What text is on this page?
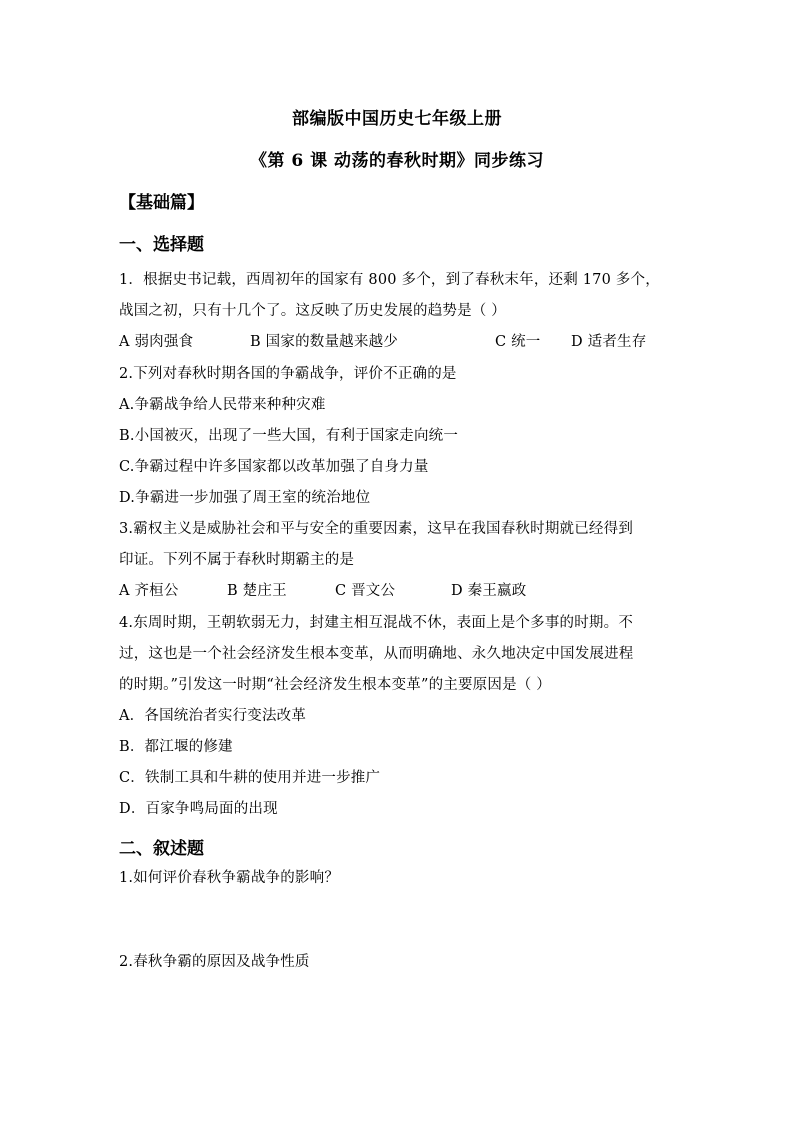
部编版中国历史七年级上册
《第 6 课 动荡的春秋时期》同步练习
【基础篇】
一、选择题
1．根据史书记载，西周初年的国家有 800 多个，到了春秋末年，还剩 170 多个，
战国之初，只有十几个了。这反映了历史发展的趋势是（ ）
A 弱肉强食	B 国家的数量越来越少	C 统一 D 适者生存
2.下列对春秋时期各国的争霸战争，评价不正确的是
A.争霸战争给人民带来种种灾难
B.小国被灭，出现了一些大国，有利于国家走向统一
C.争霸过程中许多国家都以改革加强了自身力量
D.争霸进一步加强了周王室的统治地位
3.霸权主义是威胁社会和平与安全的重要因素，这早在我国春秋时期就已经得到
印证。下列不属于春秋时期霸主的是
A 齐桓公	B 楚庄王	C 晋文公	D 秦王嬴政
4.东周时期，王朝软弱无力，封建主相互混战不休，表面上是个多事的时期。不
过，这也是一个社会经济发生根本变革，从而明确地、永久地决定中国发展进程
的时期。”引发这一时期“社会经济发生根本变革”的主要原因是（ ）
A．各国统治者实行变法改革
B．都江堰的修建
C．铁制工具和牛耕的使用并进一步推广
D．百家争鸣局面的出现
二、叙述题
1.如何评价春秋争霸战争的影响？
2.春秋争霸的原因及战争性质
